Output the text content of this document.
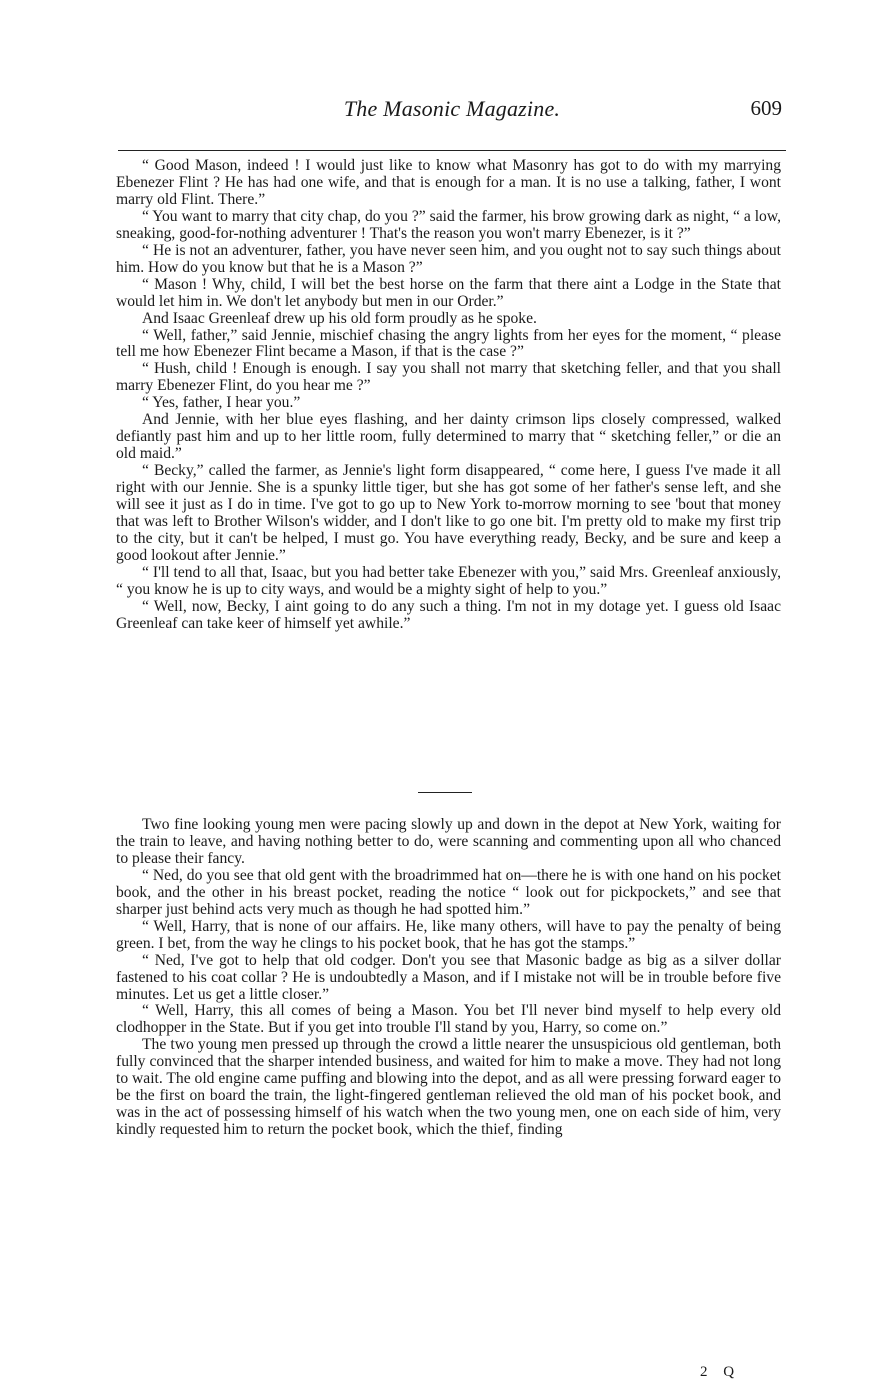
The Masonic Magazine.	609

“ Good Mason, indeed ! I would just like to know what Masonry has got to do with my marrying Ebenezer Flint ? He has had one wife, and that is enough for a man. It is no use a talking, father, I wont marry old Flint. There.”

“ You want to marry that city chap, do you ?” said the farmer, his brow growing dark as night, “ a low, sneaking, good-for-nothing adventurer ! That's the reason you won't marry Ebenezer, is it ?”

“ He is not an adventurer, father, you have never seen him, and you ought not to say such things about him. How do you know but that he is a Mason ?”

“ Mason ! Why, child, I will bet the best horse on the farm that there aint a Lodge in the State that would let him in. We don't let anybody but men in our Order.”

And Isaac Greenleaf drew up his old form proudly as he spoke.

“ Well, father,” said Jennie, mischief chasing the angry lights from her eyes for the moment, “ please tell me how Ebenezer Flint became a Mason, if that is the case ?”

“ Hush, child ! Enough is enough. I say you shall not marry that sketching feller, and that you shall marry Ebenezer Flint, do you hear me ?”

“ Yes, father, I hear you.”

And Jennie, with her blue eyes flashing, and her dainty crimson lips closely compressed, walked defiantly past him and up to her little room, fully determined to marry that “ sketching feller,” or die an old maid.”

“ Becky,” called the farmer, as Jennie's light form disappeared, “ come here, I guess I've made it all right with our Jennie. She is a spunky little tiger, but she has got some of her father's sense left, and she will see it just as I do in time. I've got to go up to New York to-morrow morning to see 'bout that money that was left to Brother Wilson's widder, and I don't like to go one bit. I'm pretty old to make my first trip to the city, but it can't be helped, I must go. You have everything ready, Becky, and be sure and keep a good lookout after Jennie.”

“ I'll tend to all that, Isaac, but you had better take Ebenezer with you,” said Mrs. Greenleaf anxiously, “ you know he is up to city ways, and would be a mighty sight of help to you.”

“ Well, now, Becky, I aint going to do any such a thing. I'm not in my dotage yet. I guess old Isaac Greenleaf can take keer of himself yet awhile.”

Two fine looking young men were pacing slowly up and down in the depot at New York, waiting for the train to leave, and having nothing better to do, were scanning and commenting upon all who chanced to please their fancy.

“ Ned, do you see that old gent with the broadrimmed hat on—there he is with one hand on his pocket book, and the other in his breast pocket, reading the notice “ look out for pickpockets,” and see that sharper just behind acts very much as though he had spotted him.”

“ Well, Harry, that is none of our affairs. He, like many others, will have to pay the penalty of being green. I bet, from the way he clings to his pocket book, that he has got the stamps.”

“ Ned, I've got to help that old codger. Don't you see that Masonic badge as big as a silver dollar fastened to his coat collar ? He is undoubtedly a Mason, and if I mistake not will be in trouble before five minutes. Let us get a little closer.”

“ Well, Harry, this all comes of being a Mason. You bet I'll never bind myself to help every old clodhopper in the State. But if you get into trouble I'll stand by you, Harry, so come on.”

The two young men pressed up through the crowd a little nearer the unsuspicious old gentleman, both fully convinced that the sharper intended business, and waited for him to make a move. They had not long to wait. The old engine came puffing and blowing into the depot, and as all were pressing forward eager to be the first on board the train, the light-fingered gentleman relieved the old man of his pocket book, and was in the act of possessing himself of his watch when the two young men, one on each side of him, very kindly requested him to return the pocket book, which the thief, finding

2 Q
